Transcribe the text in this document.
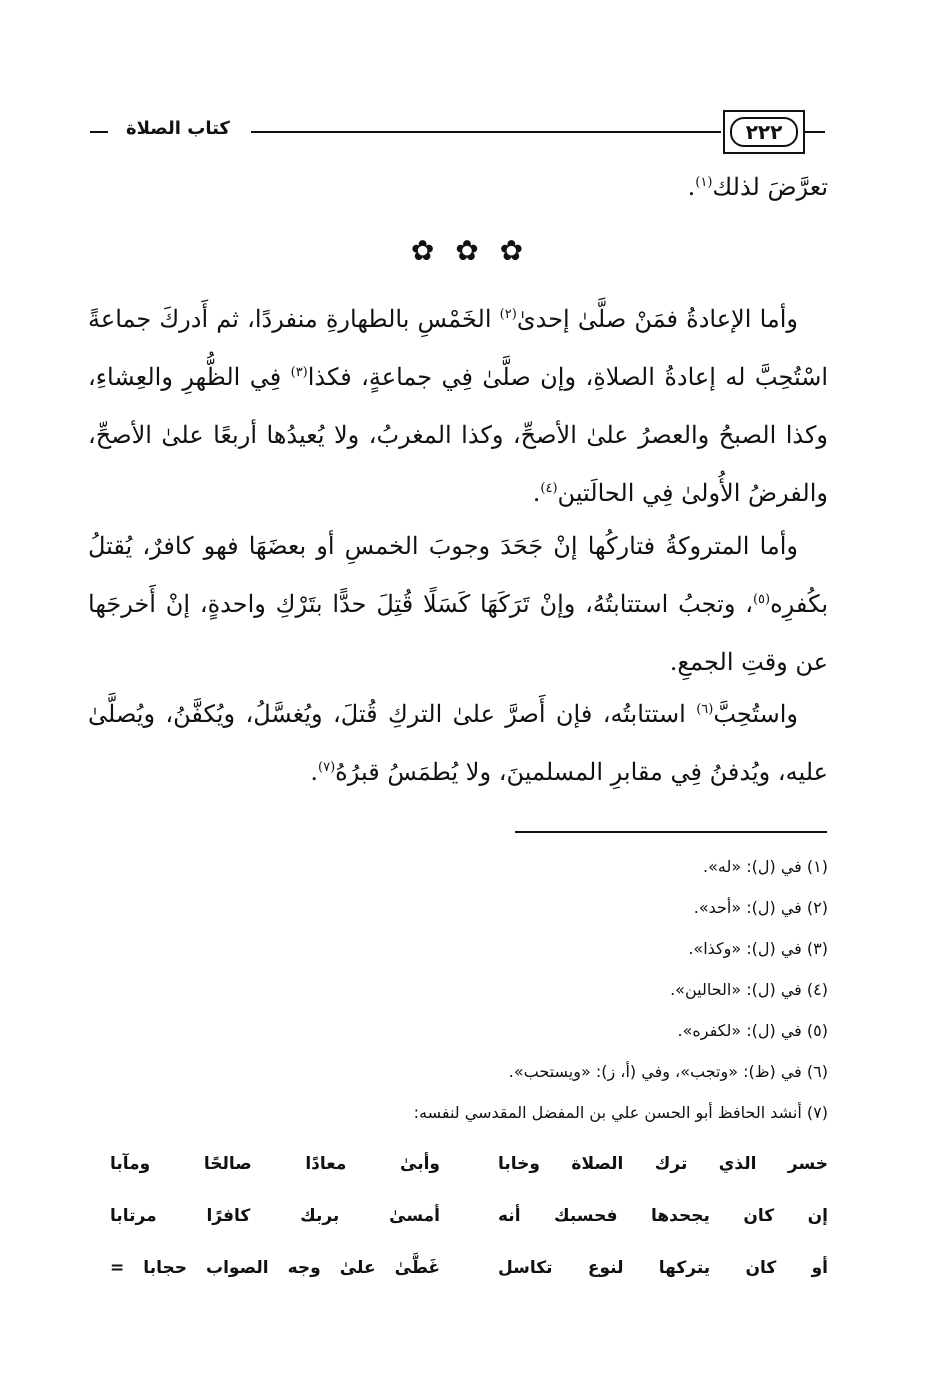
٢٢٢
كتاب الصلاة
تعرَّضَ لذلك$^{(١)}$.
✿ ✿ ✿

وأما الإعادةُ فمَنْ صلَّىٰ إحدىٰ$^{(٢)}$ الخَمْسِ بالطهارةِ منفردًا، ثم أَدركَ جماعةً اسْتُحِبَّ له إعادةُ الصلاةِ، وإن صلَّىٰ فِي جماعةٍ، فكذا$^{(٣)}$ فِي الظُّهرِ والعِشاءِ، وكذا الصبحُ والعصرُ علىٰ الأصحِّ، وكذا المغربُ، ولا يُعيدُها أربعًا علىٰ الأصحِّ، والفرضُ الأُولىٰ فِي الحالَتين$^{(٤)}$.

وأما المتروكةُ فتاركُها إنْ جَحَدَ وجوبَ الخمسِ أو بعضَهَا فهو كافرٌ، يُقتلُ بكُفرِه$^{(٥)}$، وتجبُ استتابتُهُ، وإنْ تَرَكَهَا كَسَلًا قُتِلَ حدًّا بتَرْكِ واحدةٍ، إنْ أَخرجَها عن وقتِ الجمعِ.

واستُحِبَّ$^{(٦)}$ استتابتُه، فإن أَصرَّ علىٰ التركِ قُتلَ، ويُغسَّلُ، ويُكفَّنُ، ويُصلَّىٰ عليه، ويُدفنُ فِي مقابرِ المسلمينَ، ولا يُطمَسُ قبرُهُ$^{(٧)}$.

(١) في (ل): «له».

(٢) في (ل): «أحد».

(٣) في (ل): «وكذا».

(٤) في (ل): «الحالين».

(٥) في (ل): «لكفره».

(٦) في (ظ): «وتجب»، وفي (أ، ز): «ويستحب».

(٧) أنشد الحافظ أبو الحسن علي بن المفضل المقدسي لنفسه:

خسر الذي ترك الصلاة وخابا
وأبىٰ معادًا صالحًا ومآبا
إن كان يجحدها فحسبك أنه
أمسىٰ بربك كافرًا مرتابا
أو كان يتركها لنوع تكاسل
غَطَّىٰ علىٰ وجه الصواب حجابا =
